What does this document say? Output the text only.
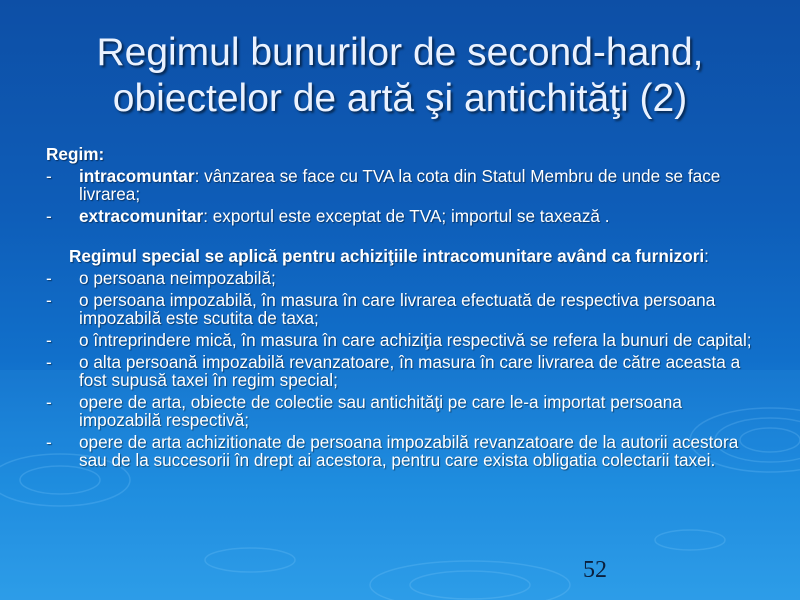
Regimul bunurilor de second-hand,
obiectelor de artă şi antichităţi (2)
Regim:
- intracomuntar: vânzarea se face cu TVA la cota din Statul Membru de unde se face livrarea;
- extracomunitar: exportul este exceptat de TVA; importul se taxează .
Regimul special se aplică pentru achiziţiile intracomunitare având ca furnizori:
- o persoana neimpozabilă;
- o persoana impozabilă, în masura în care livrarea efectuată de respectiva persoana impozabilă este scutita de taxa;
- o întreprindere mică, în masura în care achiziţia respectivă se refera la bunuri de capital;
- o alta persoană impozabilă revanzatoare, în masura în care livrarea de către aceasta a fost supusă taxei în regim special;
- opere de arta, obiecte de colectie sau antichităţi pe care le-a importat persoana impozabilă respectivă;
- opere de arta achizitionate de persoana impozabilă revanzatoare de la autorii acestora sau de la succesorii în drept ai acestora, pentru care exista obligatia colectarii taxei.
52
